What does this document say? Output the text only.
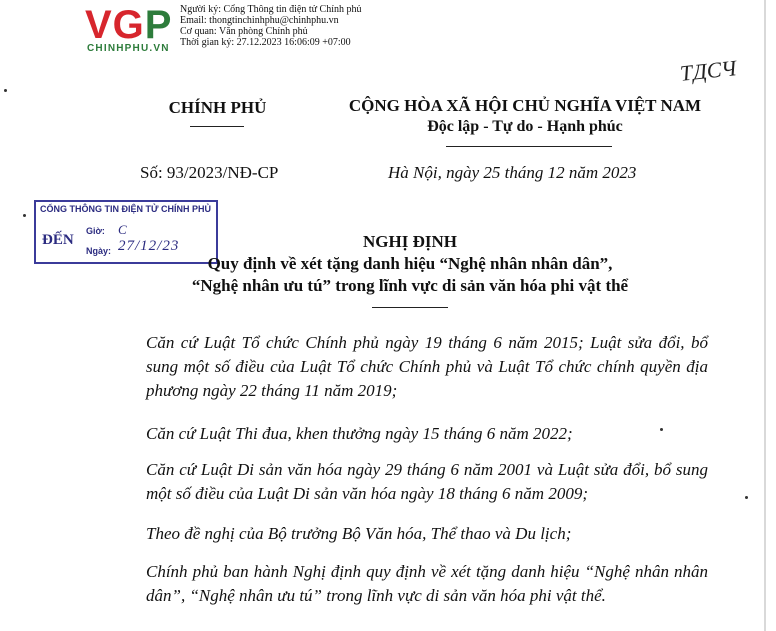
VGP
CHINHPHU.VN
Người ký: Cổng Thông tin điện tử Chính phủ
Email: thongtinchinhphu@chinhphu.vn
Cơ quan: Văn phòng Chính phủ
Thời gian ký: 27.12.2023 16:06:09 +07:00
ТДСЧ
CHÍNH PHỦ	CỘNG HÒA XÃ HỘI CHỦ NGHĨA VIỆT NAM
Độc lập - Tự do - Hạnh phúc
Số: 93/2023/NĐ-CP	Hà Nội, ngày 25 tháng 12 năm 2023
CỔNG THÔNG TIN ĐIỆN TỬ CHÍNH PHỦ
ĐẾN
Giờ: C
Ngày: 27/12/23	NGHỊ ĐỊNH
Quy định về xét tặng danh hiệu “Nghệ nhân nhân dân”,
“Nghệ nhân ưu tú” trong lĩnh vực di sản văn hóa phi vật thể
Căn cứ Luật Tổ chức Chính phủ ngày 19 tháng 6 năm 2015; Luật sửa đổi, bổ sung một số điều của Luật Tổ chức Chính phủ và Luật Tổ chức chính quyền địa phương ngày 22 tháng 11 năm 2019;
Căn cứ Luật Thi đua, khen thưởng ngày 15 tháng 6 năm 2022;
Căn cứ Luật Di sản văn hóa ngày 29 tháng 6 năm 2001 và Luật sửa đổi, bổ sung một số điều của Luật Di sản văn hóa ngày 18 tháng 6 năm 2009;
Theo đề nghị của Bộ trưởng Bộ Văn hóa, Thể thao và Du lịch;
Chính phủ ban hành Nghị định quy định về xét tặng danh hiệu “Nghệ nhân nhân dân”, “Nghệ nhân ưu tú” trong lĩnh vực di sản văn hóa phi vật thể.
